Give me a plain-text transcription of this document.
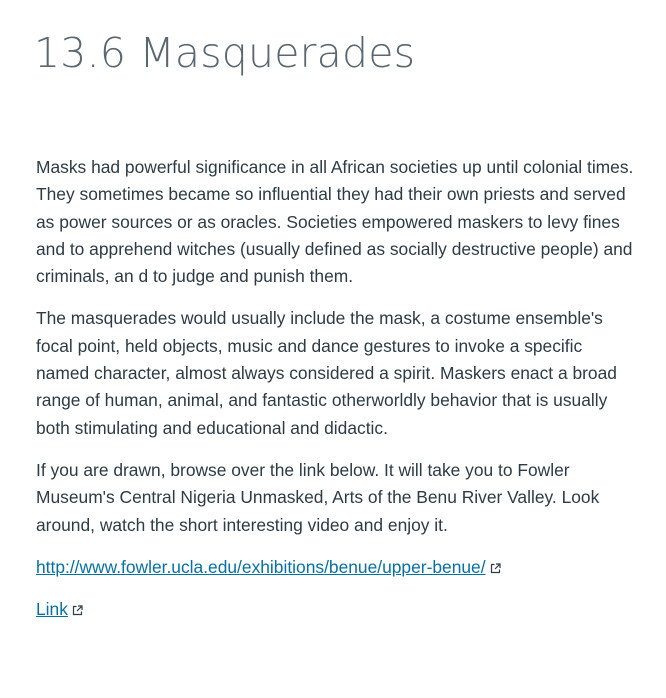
13.6 Masquerades

Masks had powerful significance in all African societies up until colonial times. They sometimes became so influential they had their own priests and served as power sources or as oracles. Societies empowered maskers to levy fines and to apprehend witches (usually defined as socially destructive people) and criminals, an d to judge and punish them.

The masquerades would usually include the mask, a costume ensemble's focal point, held objects, music and dance gestures to invoke a specific named character, almost always considered a spirit. Maskers enact a broad range of human, animal, and fantastic otherworldly behavior that is usually both stimulating and educational and didactic.

If you are drawn, browse over the link below. It will take you to Fowler Museum's Central Nigeria Unmasked, Arts of the Benu River Valley. Look around, watch the short interesting video and enjoy it.

http://www.fowler.ucla.edu/exhibitions/benue/upper-benue/
Link
